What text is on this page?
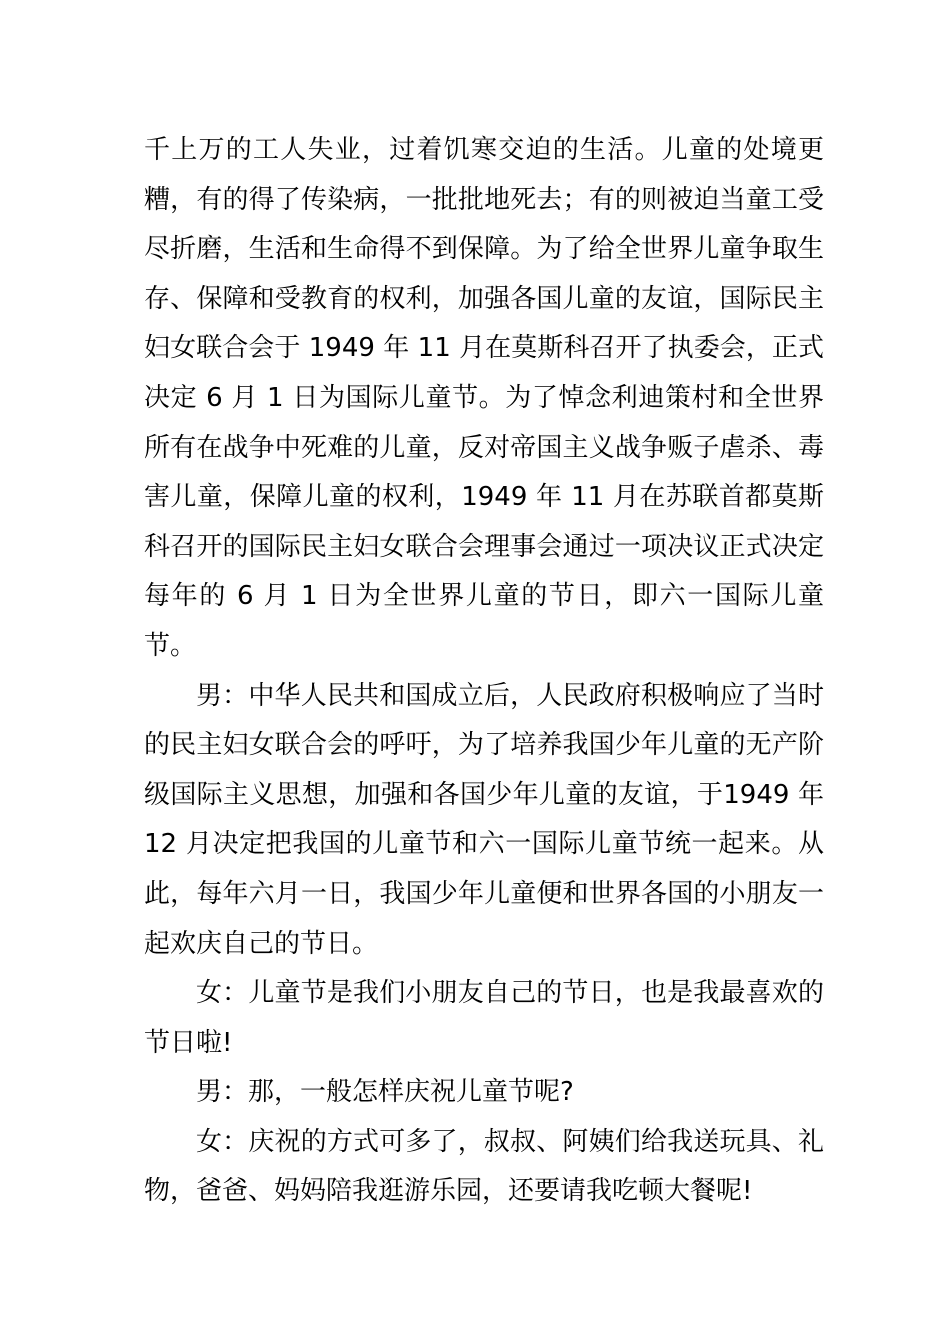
千上万的工人失业，过着饥寒交迫的生活。儿童的处境更糟，有的得了传染病，一批批地死去；有的则被迫当童工受尽折磨，生活和生命得不到保障。为了给全世界儿童争取生存、保障和受教育的权利，加强各国儿童的友谊，国际民主妇女联合会于 1949 年 11 月在莫斯科召开了执委会，正式决定 6 月 1 日为国际儿童节。为了悼念利迪策村和全世界所有在战争中死难的儿童，反对帝国主义战争贩子虐杀、毒害儿童，保障儿童的权利，1949 年 11 月在苏联首都莫斯科召开的国际民主妇女联合会理事会通过一项决议正式决定每年的 6 月 1 日为全世界儿童的节日，即六一国际儿童节。

男：中华人民共和国成立后，人民政府积极响应了当时的民主妇女联合会的呼吁，为了培养我国少年儿童的无产阶级国际主义思想，加强和各国少年儿童的友谊，于1949 年 12 月决定把我国的儿童节和六一国际儿童节统一起来。从此，每年六月一日，我国少年儿童便和世界各国的小朋友一起欢庆自己的节日。

女：儿童节是我们小朋友自己的节日，也是我最喜欢的节日啦!

男：那，一般怎样庆祝儿童节呢?

女：庆祝的方式可多了，叔叔、阿姨们给我送玩具、礼物，爸爸、妈妈陪我逛游乐园，还要请我吃顿大餐呢!
